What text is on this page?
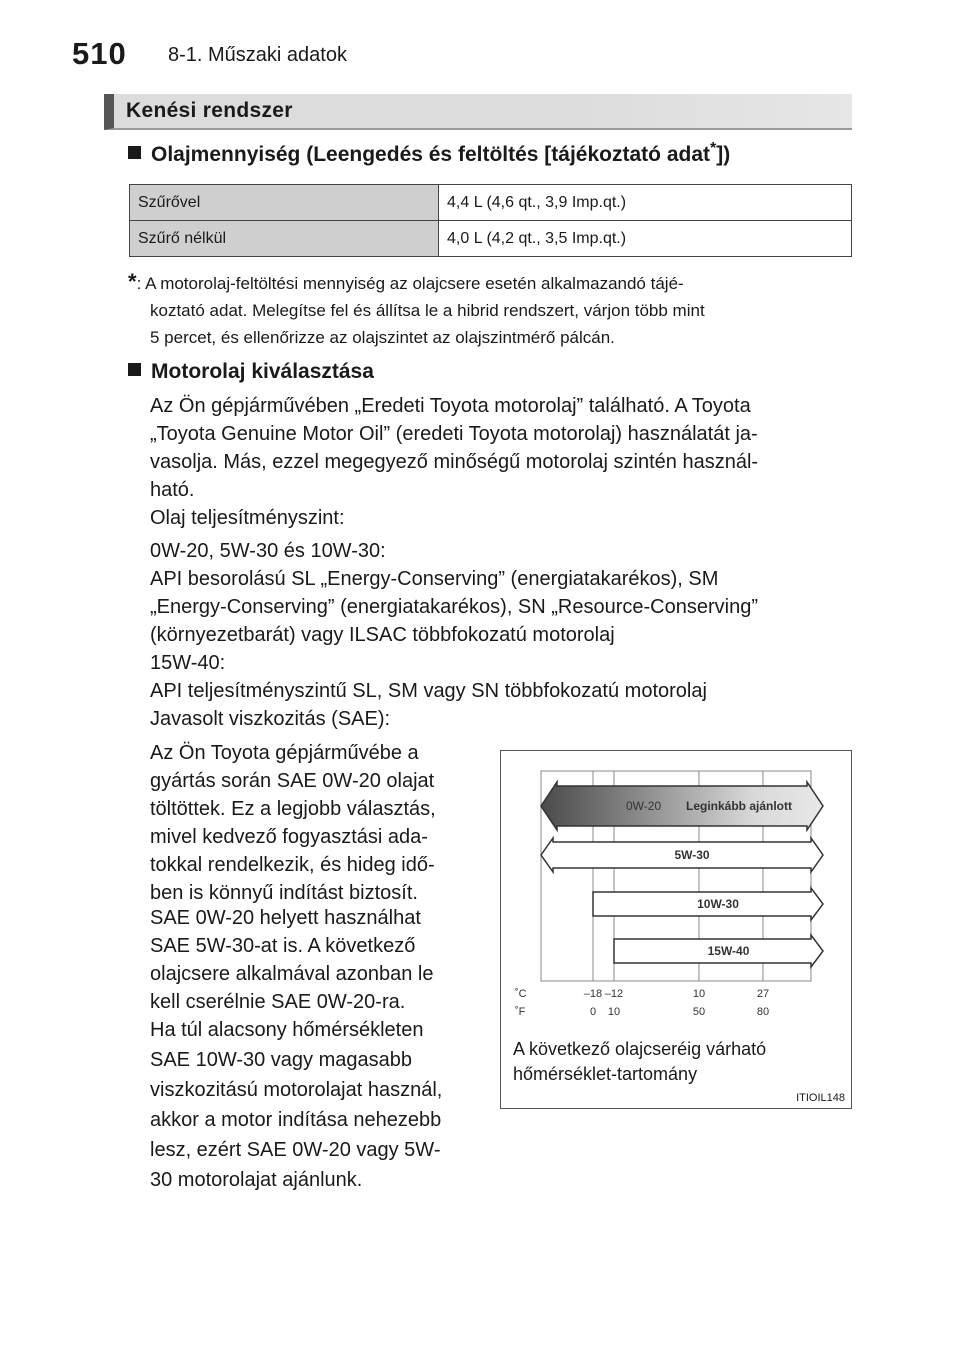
510 8-1. Műszaki adatok
Kenési rendszer
Olajmennyiség (Leengedés és feltöltés [tájékoztató adat*])
Szűrővel	4,4 L (4,6 qt., 3,9 Imp.qt.)
Szűrő nélkül	4,0 L (4,2 qt., 3,5 Imp.qt.)
*: A motorolaj-feltöltési mennyiség az olajcsere esetén alkalmazandó tájé-
koztató adat. Melegítse fel és állítsa le a hibrid rendszert, várjon több mint
5 percet, és ellenőrizze az olajszintet az olajszintmérő pálcán.
Motorolaj kiválasztása
Az Ön gépjárművében „Eredeti Toyota motorolaj” található. A Toyota
„Toyota Genuine Motor Oil” (eredeti Toyota motorolaj) használatát ja-
vasolja. Más, ezzel megegyező minőségű motorolaj szintén használ-
ható.
Olaj teljesítményszint:
0W-20, 5W-30 és 10W-30:
API besorolású SL „Energy-Conserving” (energiatakarékos), SM
„Energy-Conserving” (energiatakarékos), SN „Resource-Conserving”
(környezetbarát) vagy ILSAC többfokozatú motorolaj
15W-40:
API teljesítményszintű SL, SM vagy SN többfokozatú motorolaj
Javasolt viszkozitás (SAE):
Az Ön Toyota gépjárművébe a
gyártás során SAE 0W-20 olajat
töltöttek. Ez a legjobb választás,
mivel kedvező fogyasztási ada-
tokkal rendelkezik, és hideg idő-
ben is könnyű indítást biztosít.
SAE 0W-20 helyett használhat
SAE 5W-30-at is. A következő
olajcsere alkalmával azonban le
kell cserélnie SAE 0W-20-ra.
Ha túl alacsony hőmérsékleten
SAE 10W-30 vagy magasabb
viszkozitású motorolajat használ,
akkor a motor indítása nehezebb
lesz, ezért SAE 0W-20 vagy 5W-
30 motorolajat ajánlunk.
0W-20 Leginkább ajánlott
5W-30
10W-30
15W-40
˚C
˚F
–18 –12	10	27
0 10	50	80
A következő olajcseréig várható
hőmérséklet-tartomány
ITIOIL148
